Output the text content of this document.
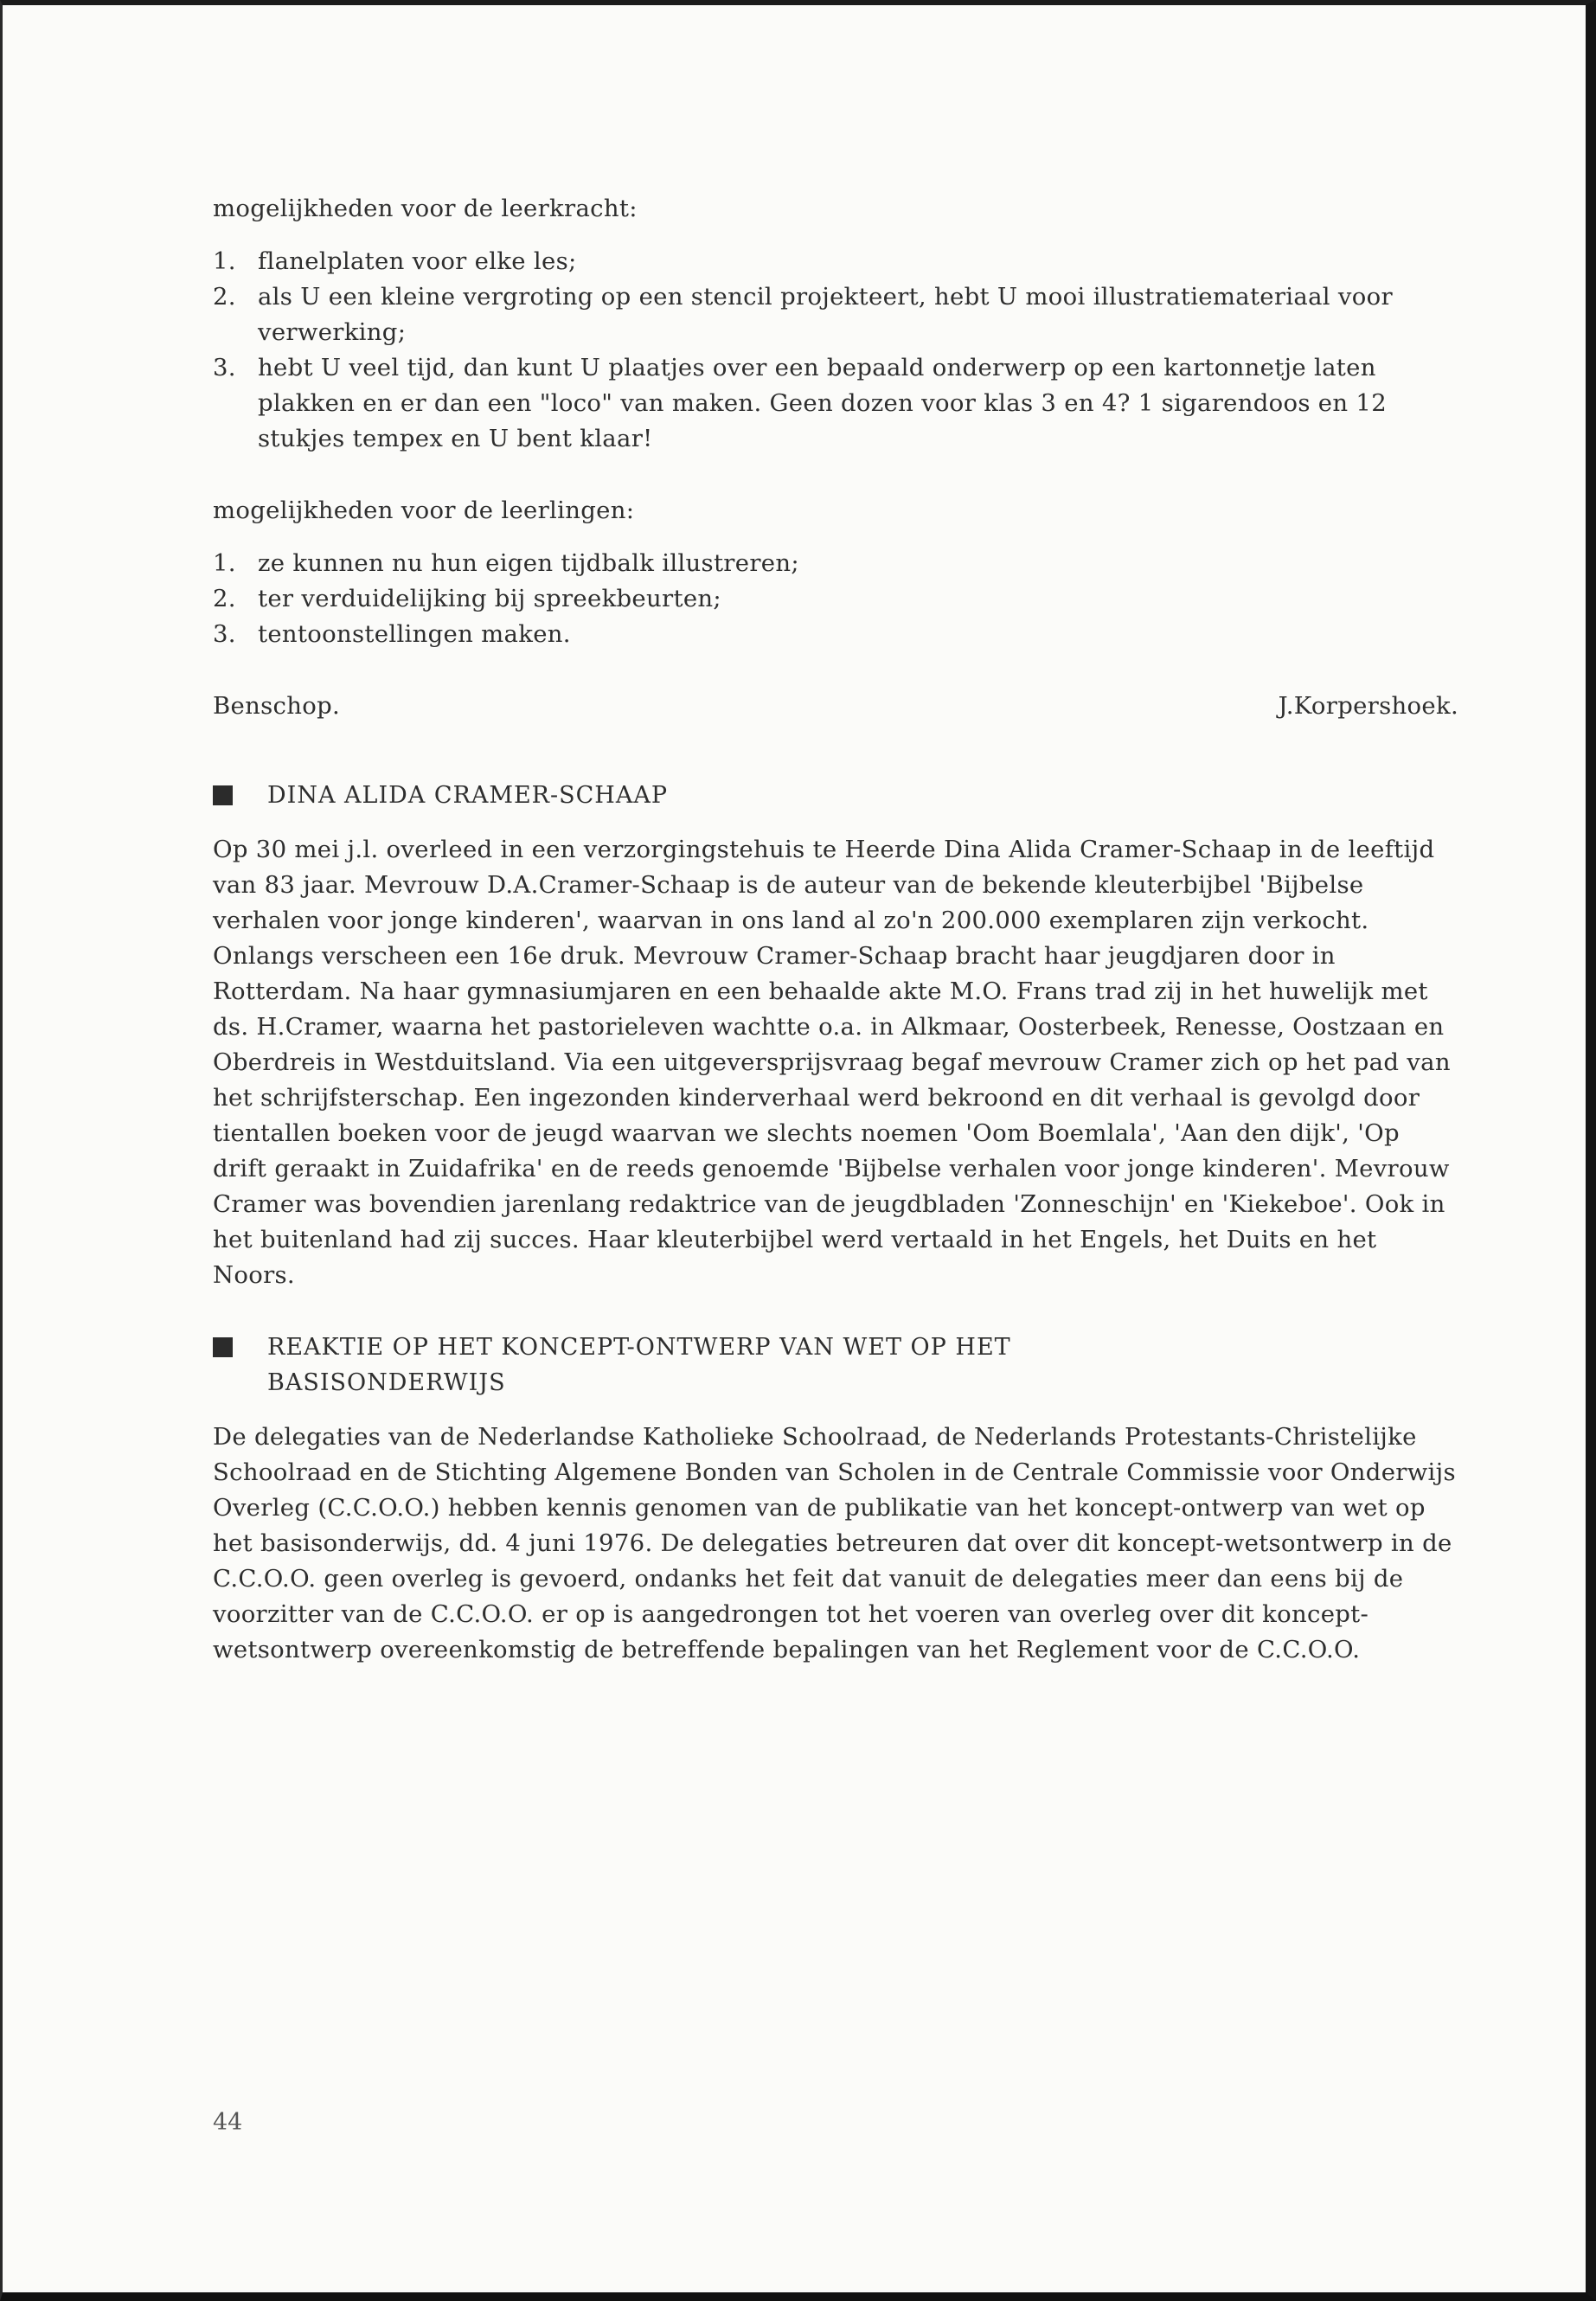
mogelijkheden voor de leerkracht:

1. flanelplaten voor elke les;
2. als U een kleine vergroting op een stencil projekteert, hebt U mooi illustratiemateriaal voor verwerking;
3. hebt U veel tijd, dan kunt U plaatjes over een bepaald onderwerp op een kartonnetje laten plakken en er dan een "loco" van maken. Geen dozen voor klas 3 en 4? 1 sigarendoos en 12 stukjes tempex en U bent klaar!

mogelijkheden voor de leerlingen:

1. ze kunnen nu hun eigen tijdbalk illustreren;
2. ter verduidelijking bij spreekbeurten;
3. tentoonstellingen maken.
Benschop.	J.Korpershoek.
DINA ALIDA CRAMER-SCHAAP

Op 30 mei j.l. overleed in een verzorgingstehuis te Heerde Dina Alida Cramer-Schaap in de leeftijd van 83 jaar. Mevrouw D.A.Cramer-Schaap is de auteur van de bekende kleuterbijbel 'Bijbelse verhalen voor jonge kinderen', waarvan in ons land al zo'n 200.000 exemplaren zijn verkocht. Onlangs verscheen een 16e druk. Mevrouw Cramer-Schaap bracht haar jeugdjaren door in Rotterdam. Na haar gymnasiumjaren en een behaalde akte M.O. Frans trad zij in het huwelijk met ds. H.Cramer, waarna het pastorieleven wachtte o.a. in Alkmaar, Oosterbeek, Renesse, Oostzaan en Oberdreis in Westduitsland. Via een uitgeversprijsvraag begaf mevrouw Cramer zich op het pad van het schrijfsterschap. Een ingezonden kinderverhaal werd bekroond en dit verhaal is gevolgd door tientallen boeken voor de jeugd waarvan we slechts noemen 'Oom Boemlala', 'Aan den dijk', 'Op drift geraakt in Zuidafrika' en de reeds genoemde 'Bijbelse verhalen voor jonge kinderen'. Mevrouw Cramer was bovendien jarenlang redaktrice van de jeugdbladen 'Zonneschijn' en 'Kiekeboe'. Ook in het buitenland had zij succes. Haar kleuterbijbel werd vertaald in het Engels, het Duits en het Noors.

REAKTIE OP HET KONCEPT-ONTWERP VAN WET OP HET BASISONDERWIJS

De delegaties van de Nederlandse Katholieke Schoolraad, de Nederlands Protestants-Christelijke Schoolraad en de Stichting Algemene Bonden van Scholen in de Centrale Commissie voor Onderwijs Overleg (C.C.O.O.) hebben kennis genomen van de publikatie van het koncept-ontwerp van wet op het basisonderwijs, dd. 4 juni 1976. De delegaties betreuren dat over dit koncept-wetsontwerp in de C.C.O.O. geen overleg is gevoerd, ondanks het feit dat vanuit de delegaties meer dan eens bij de voorzitter van de C.C.O.O. er op is aangedrongen tot het voeren van overleg over dit koncept-wetsontwerp overeenkomstig de betreffende bepalingen van het Reglement voor de C.C.O.O.

44
